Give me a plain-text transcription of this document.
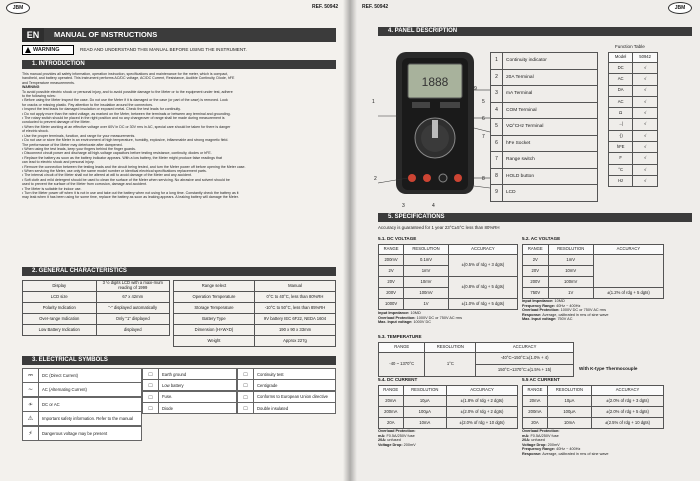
JBM	REF. 50942
EN	MANUAL OF INSTRUCTIONS
WARNING	READ AND UNDERSTAND THIS MANUAL BEFORE USING THE INSTRUMENT.
1. INTRODUCTION
This manual provides all safety information, operation instruction, specifications and maintenance for the meter, which is compact,
handheld, and battery operated. This instrument performs AC/DC voltage, AC/DC Current, Resistance, Audible Continuity, Diode, hFE
and Temperature measurements.
WARNING
To avoid possible electric shock or personal injury, and to avoid possible damage to the Meter or to the equipment under test, adhere
to the following rules:
• Before using the Meter inspect the case. Do not use the Meter if it is damaged or the case (or part of the case) is removed. Look
for cracks or missing plastic. Pay attention to the insulation around the connectors.
• Inspect the test leads for damaged insulation or exposed metal. Check the test leads for continuity.
• Do not apply more than the rated voltage, as marked on the Meter, between the terminals or between any terminal and grounding.
• The rotary switch should be placed in the right position and no any changeover of range shall be made during measurement is
conducted to prevent damage of the Meter.
• When the Meter working at an effective voltage over 60V in DC or 30V rms in AC, special care should be taken for there is danger
of electric shock.
• Use the proper terminals, function, and range for your measurements.
• Do not use or store the Meter in an environment of high temperature, humidity, explosive, inflammable and strong magnetic field.
The performance of the Meter may deteriorate after dampened.
• When using the test leads, keep your fingers behind the finger guards.
• Disconnect circuit power and discharge all high-voltage capacitors before testing resistance, continuity, diodes or hFE.
• Replace the battery as soon as the battery indicator appears. With a low battery, the Meter might produce false readings that
can lead to electric shock and personal injury.
• Remove the connection between the testing leads and the circuit being tested, and turn the Meter power off before opening the Meter case.
• When servicing the Meter, use only the same model number or identical electrical specifications replacement parts.
• The internal circuit of the Meter shall not be altered at will to avoid damage of the Meter and any accident.
• Soft cloth and mild detergent should be used to clean the surface of the Meter when servicing. No abrasive and solvent should be
used to prevent the surface of the Meter from corrosion, damage and accident.
• The Meter is suitable for indoor use.
• Turn the Meter power off when it is not in use and take out the battery when not using for a long time. Constantly check the battery as it
may leak when it has been using for some time, replace the battery as soon as leaking appears. A leaking battery will damage the Meter.
2. GENERAL CHARACTERISTICS
Display	3 ½ digits LCD with a maxi-mum reading of 1999
LCD size	67 x 42mm
Polarity Indication	"-" displayed automatically
Over-range Indication	Only "1" displayed
Low Battery Indication	displayed
Range select	Manual
Operation Temperature	0°C to 40°C, less than 80%RH
Storage Temperature	-10°C to 50°C, less than 85%RH
Battery Type	9V battery IEC 6F22, NEDA 1604
Dimension (H×W×D)	190 x 90 x 33mm
Weight	Approx 227g
3. ELECTRICAL SYMBOLS
⎓	DC (Direct Current)
∼	AC (Alternating Current)
≁	DC or AC
⚠	Important safety information. Refer to the manual
⚡	Dangerous voltage may be present
□	Earth ground
□	Low battery
□	Fuse.
□	Diode
□	Continuity test
□	Centigrade
□	Conforms to European Union directive
□	Double insulated
REF. 50942	JBM
4. PANEL DESCRIPTION
1888
1
2
3	4
5
6
7
8
9
1	Continuity indicator
2	20A Terminal
3	mA Terminal
4	COM Terminal
5	VΩ°CHz Terminal
6	hFe Socket
7	Range switch
8	HOLD button
9	LCD
Function Table
Model	50942
DC	√
AC	√
DA	√
AC	√
Ω	√
→|	√
·))	√
hFE	√
F	√
°C	√
Hz	√
5. SPECIFICATIONS
Accuracy is guaranteed for 1 year 23°C±5°C less than 80%RH
5.1. DC VOLTAGE	5.2. AC VOLTAGE
RANGE	RESOLUTION	ACCURACY
200mV	0.1mV	±(0.5% of rdg + 3 dgts)
2V	1mV	
20V	10mV	±(0.8% of rdg + 5 dgts)
200V	100mV	
1000V	1V	±(1.0% of rdg + 5 dgts)
RANGE	RESOLUTION	ACCURACY
2V	1mV	
20V	10mV	
200V	100mV	
750V	1V	±(1.2% of rdg + 5 dgts)
Input Impedance: 10MΩ
Overload Protection: 1000V DC or 750V AC rms
Max. Input voltage: 1000V DC
Input Impedance: 10MΩ
Frequency Range: 40Hz ~ 400Hz
Overload Protection: 1000V DC or 750V AC rms
Response: Average, calibrated in rms of sine wave
Max. Input voltage: 750V AC
5.3. TEMPERATURE
RANGE	RESOLUTION	ACCURACY
-40 ~ 1370°C	1°C	-40°C~150°C:±(1.0% + 4)
		150°C~1370°C:±(1.5% + 15)	With K-type Thermocouple
5.4. DC CURRENT	5.5 AC CURRENT
RANGE	RESOLUTION	ACCURACY
20mA	10μA	±(1.8% of rdg + 2 dgts)
200mA	100μA	±(2.0% of rdg + 2 dgts)
20A	10mA	±(2.0% of rdg + 10 dgts)
RANGE	RESOLUTION	ACCURACY
20mA	10μA	±(2.0% of rdg + 3 dgts)
200mA	100μA	±(2.0% of rdg + 5 dgts)
20A	10mA	±(2.5% of rdg + 10 dgts)
Overload Protection:
mA: F0.5A/250V fuse
20A: unfused
Voltage Drop: 200mV
Overload Protection:
mA: F0.5A/250V fuse
20A: unfused
Voltage Drop: 200mV
Frequency Range: 40Hz ~ 400Hz
Response: Average, calibrated in rms of sine wave
